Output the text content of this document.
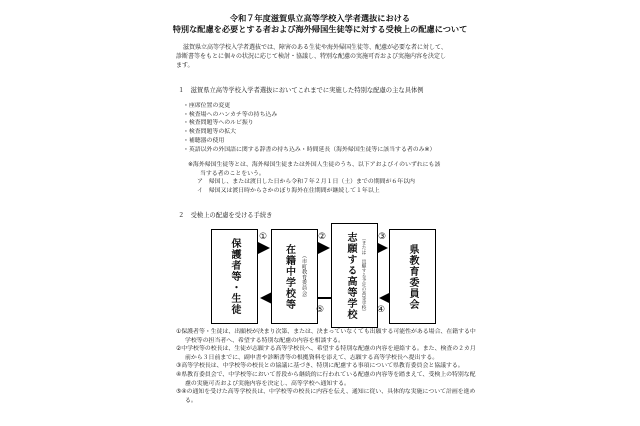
令和７年度滋賀県立高等学校入学者選抜における
特別な配慮を必要とする者および海外帰国生徒等に対する受検上の配慮について
滋賀県立高等学校入学者選抜では、障害のある生徒や海外帰国生徒等、配慮が必要な者に対して、
診断書等をもとに個々の状況に応じて検討・協議し、特別な配慮の実施可否および実施内容を決定し
ます。
１　滋賀県立高等学校入学者選抜においてこれまでに実施した特別な配慮の主な具体例
・座席位置の変更
・検査場へのハンカチ等の持ち込み
・検査問題等へのルビ振り
・検査問題等の拡大
・補聴器の使用
・英語以外の外国語に関する辞書の持ち込み・時間延長（海外帰国生徒等に該当する者のみ※）
※海外帰国生徒等とは、海外帰国生徒または外国人生徒のうち、以下アおよびイのいずれにも該
当する者のことをいう。
ア　帰国し、または渡日した日から令和７年２月１日（土）までの期間が６年以内
イ　帰国又は渡日時からさかのぼり海外在住期間が継続して１年以上
２　受検上の配慮を受ける手続き
保護者等・生徒	在籍中学校等	（市町教育委員会）	志願する高等学校	（または　出願する予定の高等学校）	県教育委員会
①	②	③
④
⑤
①保護者等・生徒は、出願校が決まり次第、または、決まっていなくても出願する可能性がある場合、在籍する中学校等の担当者へ、希望する特別な配慮の内容を相談する。
②中学校等の校長は、生徒が志願する高等学校長へ、希望する特別な配慮の内容を連絡する。また、検査の２カ月前から３日前までに、副申書や診断書等の根拠資料を添えて、志願する高等学校長へ提出する。
③高等学校長は、中学校等の校長との協議に基づき、特別に配慮する事項について県教育委員会と協議する。
④県教育委員会で、中学校等において普段から継続的に行われている配慮の内容等を踏まえて、受検上の特別な配慮の実施可否および実施内容を決定し、高等学校へ通知する。
⑤④の通知を受けた高等学校長は、中学校等の校長に内容を伝え、通知に従い、具体的な実施について計画を進める。
